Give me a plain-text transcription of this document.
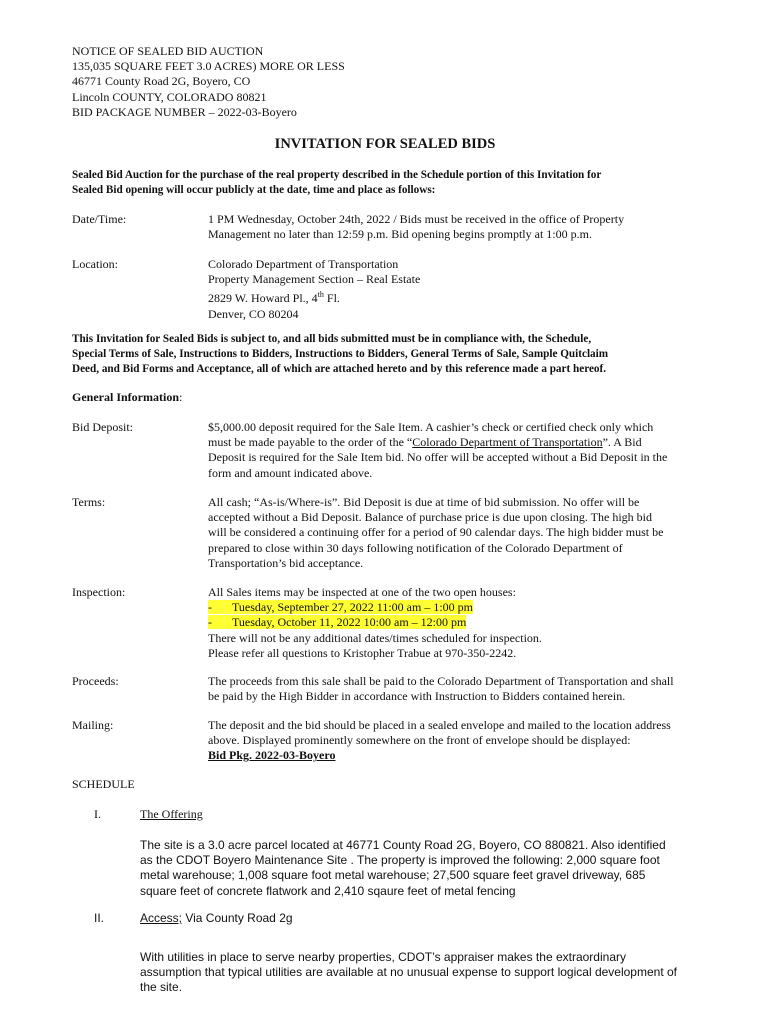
NOTICE OF SEALED BID AUCTION
135,035 SQUARE FEET 3.0 ACRES) MORE OR LESS
46771 County Road 2G, Boyero, CO
Lincoln COUNTY, COLORADO 80821
BID PACKAGE NUMBER – 2022-03-Boyero
INVITATION FOR SEALED BIDS
Sealed Bid Auction for the purchase of the real property described in the Schedule portion of this Invitation for
Sealed Bid opening will occur publicly at the date, time and place as follows:
Date/Time:	1 PM Wednesday, October 24th, 2022 / Bids must be received in the office of Property
Management no later than 12:59 p.m. Bid opening begins promptly at 1:00 p.m.
Location:	Colorado Department of Transportation
Property Management Section – Real Estate
2829 W. Howard Pl., 4th Fl.
Denver, CO 80204
This Invitation for Sealed Bids is subject to, and all bids submitted must be in compliance with, the Schedule,
Special Terms of Sale, Instructions to Bidders, Instructions to Bidders, General Terms of Sale, Sample Quitclaim
Deed, and Bid Forms and Acceptance, all of which are attached hereto and by this reference made a part hereof.
General Information:
Bid Deposit:	$5,000.00 deposit required for the Sale Item. A cashier’s check or certified check only which
must be made payable to the order of the “Colorado Department of Transportation”. A Bid
Deposit is required for the Sale Item bid. No offer will be accepted without a Bid Deposit in the
form and amount indicated above.
Terms:	All cash; “As-is/Where-is”. Bid Deposit is due at time of bid submission. No offer will be
accepted without a Bid Deposit. Balance of purchase price is due upon closing. The high bid
will be considered a continuing offer for a period of 90 calendar days. The high bidder must be
prepared to close within 30 days following notification of the Colorado Department of
Transportation’s bid acceptance.
Inspection:	All Sales items may be inspected at one of the two open houses:
- Tuesday, September 27, 2022 11:00 am – 1:00 pm
- Tuesday, October 11, 2022 10:00 am – 12:00 pm
There will not be any additional dates/times scheduled for inspection.
Please refer all questions to Kristopher Trabue at 970-350-2242.
Proceeds:	The proceeds from this sale shall be paid to the Colorado Department of Transportation and shall
be paid by the High Bidder in accordance with Instruction to Bidders contained herein.
Mailing:	The deposit and the bid should be placed in a sealed envelope and mailed to the location address
above. Displayed prominently somewhere on the front of envelope should be displayed:
Bid Pkg. 2022-03-Boyero
SCHEDULE
I.	The Offering
The site is a 3.0 acre parcel located at 46771 County Road 2G, Boyero, CO 880821. Also identified
as the CDOT Boyero Maintenance Site . The property is improved the following: 2,000 square foot
metal warehouse; 1,008 square foot metal warehouse; 27,500 square feet gravel driveway, 685
square feet of concrete flatwork and 2,410 sqaure feet of metal fencing
II.	Access; Via County Road 2g
With utilities in place to serve nearby properties, CDOT’s appraiser makes the extraordinary
assumption that typical utilities are available at no unusual expense to support logical development of
the site.
